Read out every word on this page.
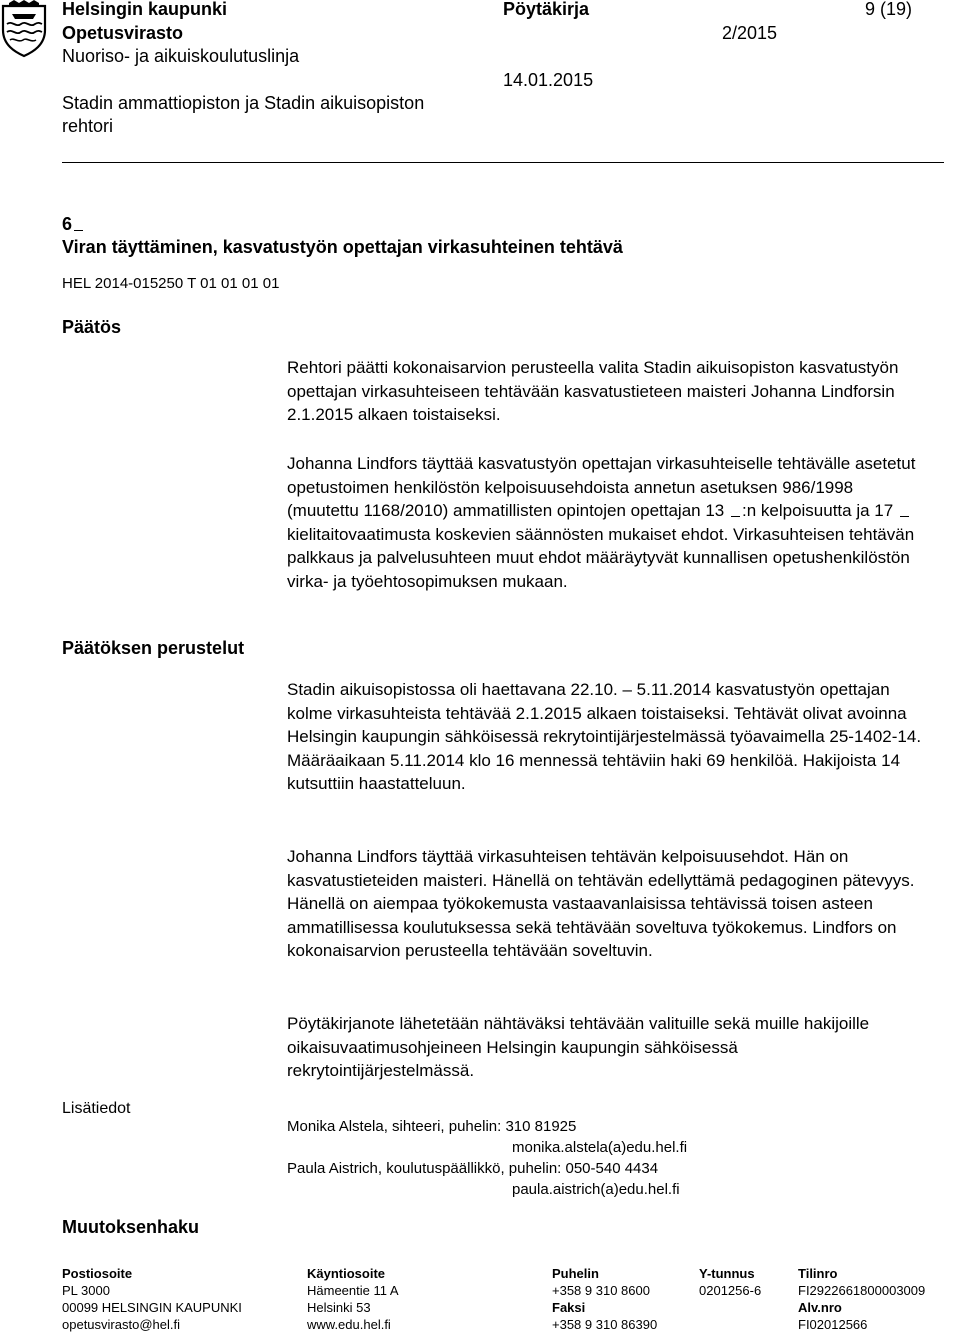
Helsingin kaupunki
Opetusvirasto
Nuoriso- ja aikuiskoulutuslinja
Stadin ammattiopiston ja Stadin aikuisopiston
rehtori
Pöytäkirja
2/2015
14.01.2015
9 (19)
6
Viran täyttäminen, kasvatustyön opettajan virkasuhteinen tehtävä
HEL 2014-015250 T 01 01 01 01
Päätös
Päätöksen perustelut
Lisätiedot
Muutoksenhaku
Rehtori päätti kokonaisarvion perusteella valita Stadin aikuisopiston kasvatustyön opettajan virkasuhteiseen tehtävään kasvatustieteen maisteri Johanna Lindforsin 2.1.2015 alkaen toistaiseksi.
Johanna Lindfors täyttää kasvatustyön opettajan virkasuhteiselle tehtävälle asetetut opetustoimen henkilöstön kelpoisuusehdoista annetun asetuksen 986/1998 (muutettu 1168/2010) ammatillisten opintojen opettajan 13 :n kelpoisuutta ja 17  kielitaitovaatimusta koskevien säännösten mukaiset ehdot. Virkasuhteisen tehtävän palkkaus ja palvelusuhteen muut ehdot määräytyvät kunnallisen opetushenkilöstön virka- ja työehtosopimuksen mukaan.
Stadin aikuisopistossa oli haettavana 22.10. – 5.11.2014 kasvatustyön opettajan kolme virkasuhteista tehtävää 2.1.2015 alkaen toistaiseksi. Tehtävät olivat avoinna Helsingin kaupungin sähköisessä rekrytointijärjestelmässä työavaimella 25-1402-14. Määräaikaan 5.11.2014 klo 16 mennessä tehtäviin haki 69 henkilöä. Hakijoista 14 kutsuttiin haastatteluun.
Johanna Lindfors täyttää virkasuhteisen tehtävän kelpoisuusehdot. Hän on kasvatustieteiden maisteri. Hänellä on tehtävän edellyttämä pedagoginen pätevyys. Hänellä on aiempaa työkokemusta vastaavanlaisissa tehtävissä toisen asteen ammatillisessa koulutuksessa sekä tehtävään soveltuva työkokemus. Lindfors on kokonaisarvion perusteella tehtävään soveltuvin.
Pöytäkirjanote lähetetään nähtäväksi tehtävään valituille sekä muille hakijoille oikaisuvaatimusohjeineen Helsingin kaupungin sähköisessä rekrytointijärjestelmässä.
Monika Alstela, sihteeri, puhelin: 310 81925
monika.alstela(a)edu.hel.fi
Paula Aistrich, koulutuspäällikkö, puhelin: 050-540 4434
paula.aistrich(a)edu.hel.fi
Postiosoite
PL 3000
00099 HELSINGIN KAUPUNKI
opetusvirasto@hel.fi
Käyntiosoite
Hämeentie 11 A
Helsinki 53
www.edu.hel.fi
Puhelin
+358 9 310 8600
Faksi
+358 9 310 86390
Y-tunnus
0201256-6
Tilinro
FI2922661800003009
Alv.nro
FI02012566
